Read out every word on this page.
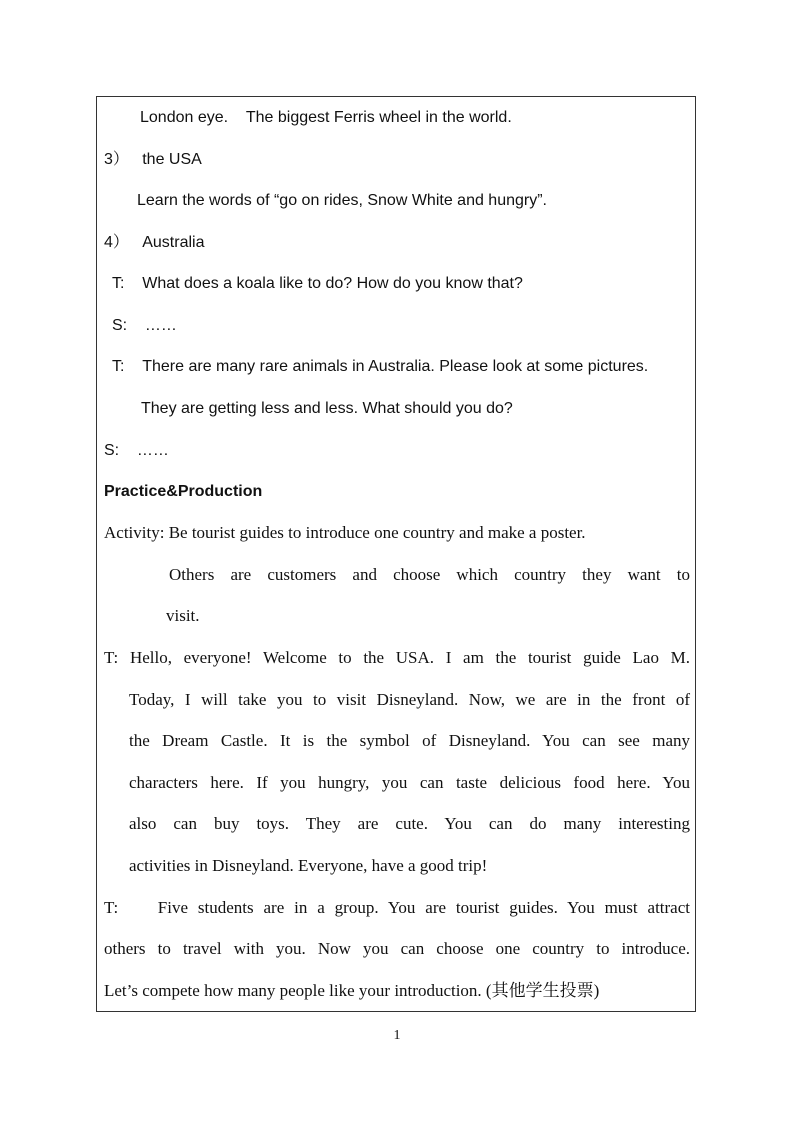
London eye.    The biggest Ferris wheel in the world.
3）   the USA
Learn the words of “go on rides, Snow White and hungry”.
4）   Australia
T:    What does a koala like to do? How do you know that?
S:    ……
T:    There are many rare animals in Australia. Please look at some pictures.
They are getting less and less. What should you do?
S:    ……
Practice&Production
Activity: Be tourist guides to introduce one country and make a poster.
Others are customers and choose which country they want to
visit.
T: Hello, everyone! Welcome to the USA. I am the tourist guide Lao M.
Today, I will take you to visit Disneyland. Now, we are in the front of
the Dream Castle. It is the symbol of Disneyland. You can see many
characters here. If you hungry, you can taste delicious food here. You
also can buy toys. They are cute. You can do many interesting
activities in Disneyland. Everyone, have a good trip!
T:    Five students are in a group. You are tourist guides. You must attract
others to travel with you. Now you can choose one country to introduce.
Let’s compete how many people like your introduction. (其他学生投票)
1
